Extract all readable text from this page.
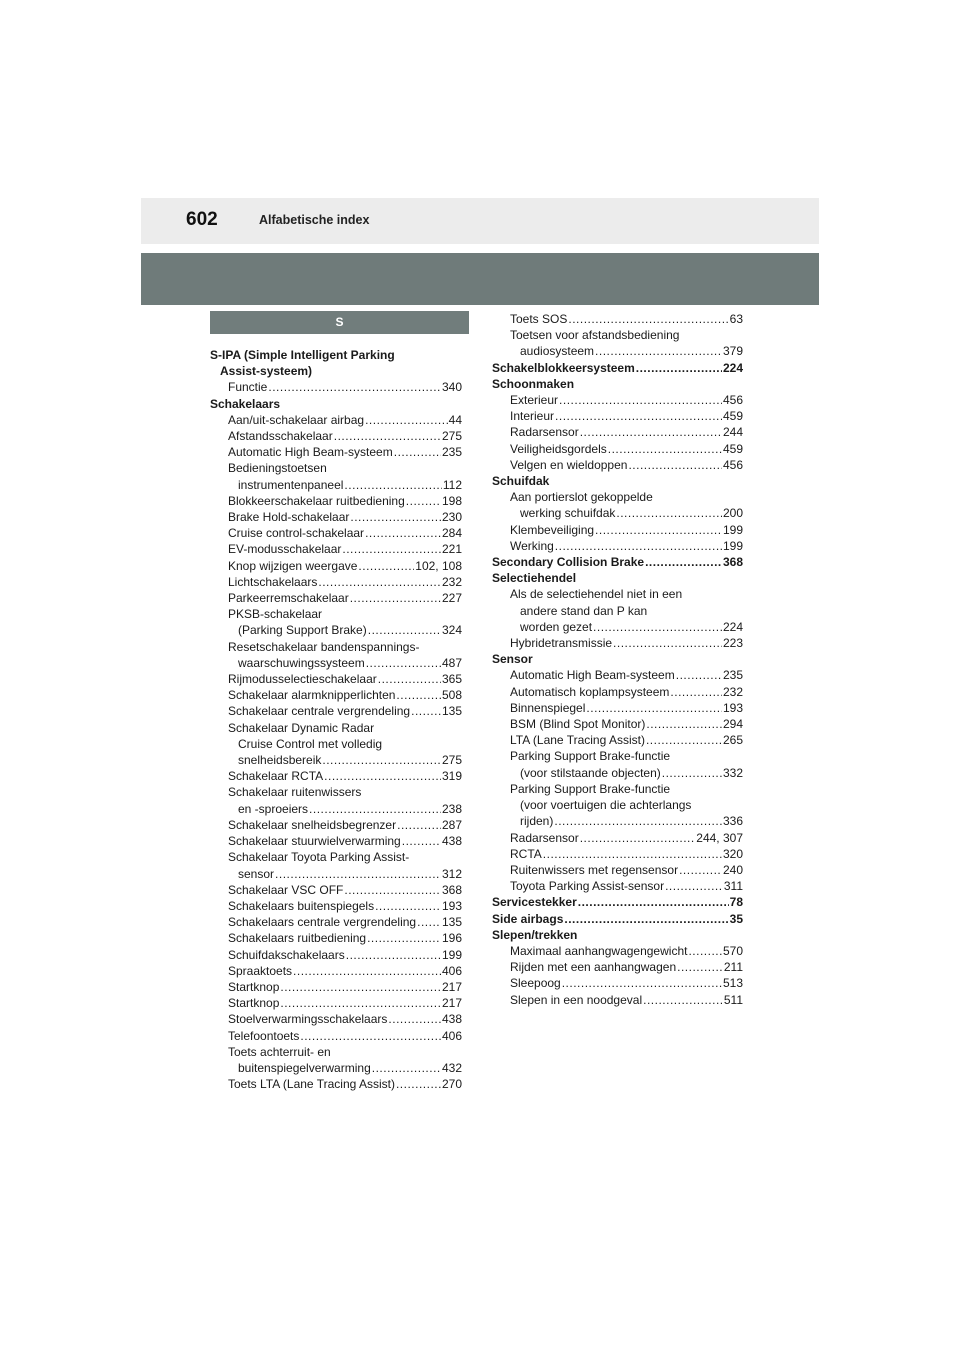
602	Alfabetische index
S
S-IPA (Simple Intelligent Parking
Assist-systeem)
Functie .....	340
Schakelaars
Aan/uit-schakelaar airbag .....	44
Afstandsschakelaar .....	275
Automatic High Beam-systeem .....	235
Bedieningstoetsen
instrumentenpaneel .....	112
Blokkeerschakelaar ruitbediening .....	198
Brake Hold-schakelaar .....	230
Cruise control-schakelaar .....	284
EV-modusschakelaar .....	221
Knop wijzigen weergave .....	102, 108
Lichtschakelaars .....	232
Parkeerremschakelaar .....	227
PKSB-schakelaar
(Parking Support Brake) .....	324
Resetschakelaar bandenspannings-
waarschuwingssysteem .....	487
Rijmodusselectieschakelaar .....	365
Schakelaar alarmknipperlichten .....	508
Schakelaar centrale vergrendeling .....	135
Schakelaar Dynamic Radar
Cruise Control met volledig
snelheidsbereik .....	275
Schakelaar RCTA .....	319
Schakelaar ruitenwissers
en -sproeiers .....	238
Schakelaar snelheidsbegrenzer .....	287
Schakelaar stuurwielverwarming .....	438
Schakelaar Toyota Parking Assist-
sensor .....	312
Schakelaar VSC OFF .....	368
Schakelaars buitenspiegels .....	193
Schakelaars centrale vergrendeling ..... 135
Schakelaars ruitbediening .....	196
Schuifdakschakelaars .....	199
Spraaktoets .....	406
Startknop .....	217
Startknop .....	217
Stoelverwarmingsschakelaars .....	438
Telefoontoets .....	406
Toets achterruit- en
buitenspiegelverwarming .....	432
Toets LTA (Lane Tracing Assist) .....	270
Toets SOS .....	63
Toetsen voor afstandsbediening
audiosysteem .....	379
Schakelblokkeersysteem .....	224
Schoonmaken
Exterieur .....	456
Interieur .....	459
Radarsensor .....	244
Veiligheidsgordels .....	459
Velgen en wieldoppen .....	456
Schuifdak
Aan portierslot gekoppelde
werking schuifdak .....	200
Klembeveiliging .....	199
Werking .....	199
Secondary Collision Brake .....	368
Selectiehendel
Als de selectiehendel niet in een
andere stand dan P kan
worden gezet .....	224
Hybridetransmissie .....	223
Sensor
Automatic High Beam-systeem .....	235
Automatisch koplampsysteem .....	232
Binnenspiegel .....	193
BSM (Blind Spot Monitor) .....	294
LTA (Lane Tracing Assist) .....	265
Parking Support Brake-functie
(voor stilstaande objecten) .....	332
Parking Support Brake-functie
(voor voertuigen die achterlangs
rijden) .....	336
Radarsensor .....	244, 307
RCTA .....	320
Ruitenwissers met regensensor .....	240
Toyota Parking Assist-sensor .....	311
Servicestekker .....	78
Side airbags .....	35
Slepen/trekken
Maximaal aanhangwagengewicht .....	570
Rijden met een aanhangwagen .....	211
Sleepoog .....	513
Slepen in een noodgeval .....	511
